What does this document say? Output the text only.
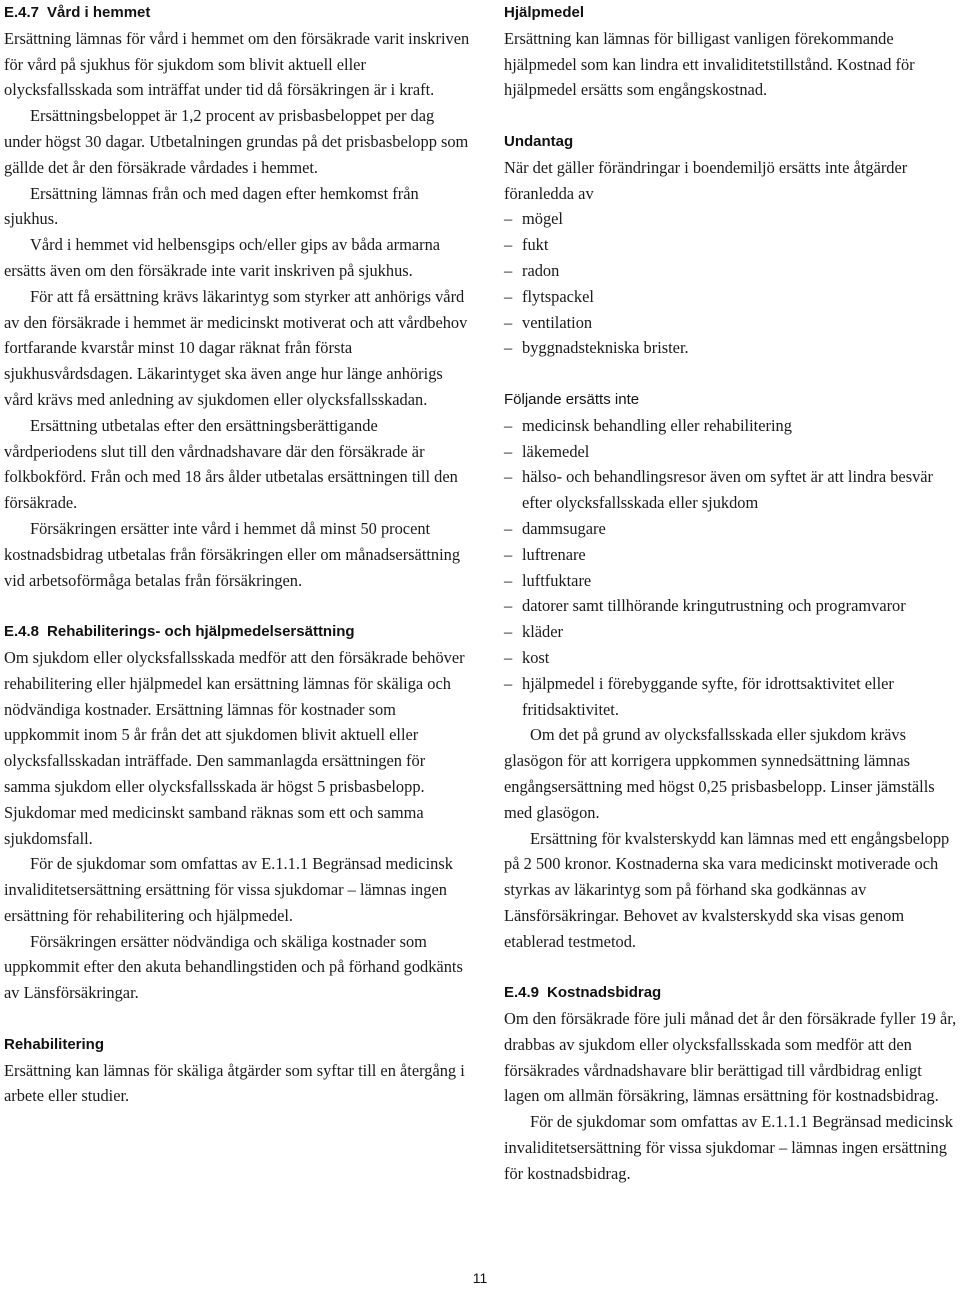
E.4.7 Vård i hemmet

Ersättning lämnas för vård i hemmet om den försäkrade varit inskriven för vård på sjukhus för sjukdom som blivit aktuell eller olycksfallsskada som inträffat under tid då försäkringen är i kraft.

Ersättningsbeloppet är 1,2 procent av prisbasbeloppet per dag under högst 30 dagar. Utbetalningen grundas på det prisbasbelopp som gällde det år den försäkrade vårdades i hemmet.

Ersättning lämnas från och med dagen efter hemkomst från sjukhus.

Vård i hemmet vid helbensgips och/eller gips av båda armarna ersätts även om den försäkrade inte varit inskriven på sjukhus.

För att få ersättning krävs läkarintyg som styrker att anhörigs vård av den försäkrade i hemmet är medicinskt motiverat och att vårdbehov fortfarande kvarstår minst 10 dagar räknat från första sjukhusvårdsdagen. Läkarintyget ska även ange hur länge anhörigs vård krävs med anledning av sjukdomen eller olycksfallsskadan.

Ersättning utbetalas efter den ersättningsberättigande vårdperiodens slut till den vårdnadshavare där den försäkrade är folkbokförd. Från och med 18 års ålder utbetalas ersättningen till den försäkrade.

Försäkringen ersätter inte vård i hemmet då minst 50 procent kostnadsbidrag utbetalas från försäkringen eller om månadsersättning vid arbetsoförmåga betalas från försäkringen.

E.4.8 Rehabiliterings- och hjälpmedelsersättning

Om sjukdom eller olycksfallsskada medför att den försäkrade behöver rehabilitering eller hjälpmedel kan ersättning lämnas för skäliga och nödvändiga kostnader. Ersättning lämnas för kostnader som uppkommit inom 5 år från det att sjukdomen blivit aktuell eller olycksfallsskadan inträffade. Den sammanlagda ersättningen för samma sjukdom eller olycksfallsskada är högst 5 prisbasbelopp. Sjukdomar med medicinskt samband räknas som ett och samma sjukdomsfall.

För de sjukdomar som omfattas av E.1.1.1 Begränsad medicinsk invaliditetsersättning ersättning för vissa sjukdomar – lämnas ingen ersättning för rehabilitering och hjälpmedel.

Försäkringen ersätter nödvändiga och skäliga kostnader som uppkommit efter den akuta behandlingstiden och på förhand godkänts av Länsförsäkringar.

Rehabilitering

Ersättning kan lämnas för skäliga åtgärder som syftar till en återgång i arbete eller studier.

Hjälpmedel

Ersättning kan lämnas för billigast vanligen förekommande hjälpmedel som kan lindra ett invaliditetstillstånd. Kostnad för hjälpmedel ersätts som engångskostnad.

Undantag

När det gäller förändringar i boendemiljö ersätts inte åtgärder föranledda av

– mögel
– fukt
– radon
– flytspackel
– ventilation
– byggnadstekniska brister.
Följande ersätts inte
– medicinsk behandling eller rehabilitering
– läkemedel
– hälso- och behandlingsresor även om syftet är att lindra besvär efter olycksfallsskada eller sjukdom
– dammsugare
– luftrenare
– luftfuktare
– datorer samt tillhörande kringutrustning och programvaror
– kläder
– kost
– hjälpmedel i förebyggande syfte, för idrottsaktivitet eller fritidsaktivitet.

Om det på grund av olycksfallsskada eller sjukdom krävs glasögon för att korrigera uppkommen synnedsättning lämnas engångsersättning med högst 0,25 prisbasbelopp. Linser jämställs med glasögon.

Ersättning för kvalsterskydd kan lämnas med ett engångsbelopp på 2 500 kronor. Kostnaderna ska vara medicinskt motiverade och styrkas av läkarintyg som på förhand ska godkännas av Länsförsäkringar. Behovet av kvalsterskydd ska visas genom etablerad testmetod.

E.4.9 Kostnadsbidrag

Om den försäkrade före juli månad det år den försäkrade fyller 19 år, drabbas av sjukdom eller olycksfallsskada som medför att den försäkrades vårdnadshavare blir berättigad till vårdbidrag enligt lagen om allmän försäkring, lämnas ersättning för kostnadsbidrag.

För de sjukdomar som omfattas av E.1.1.1 Begränsad medicinsk invaliditetsersättning för vissa sjukdomar – lämnas ingen ersättning för kostnadsbidrag.

11
